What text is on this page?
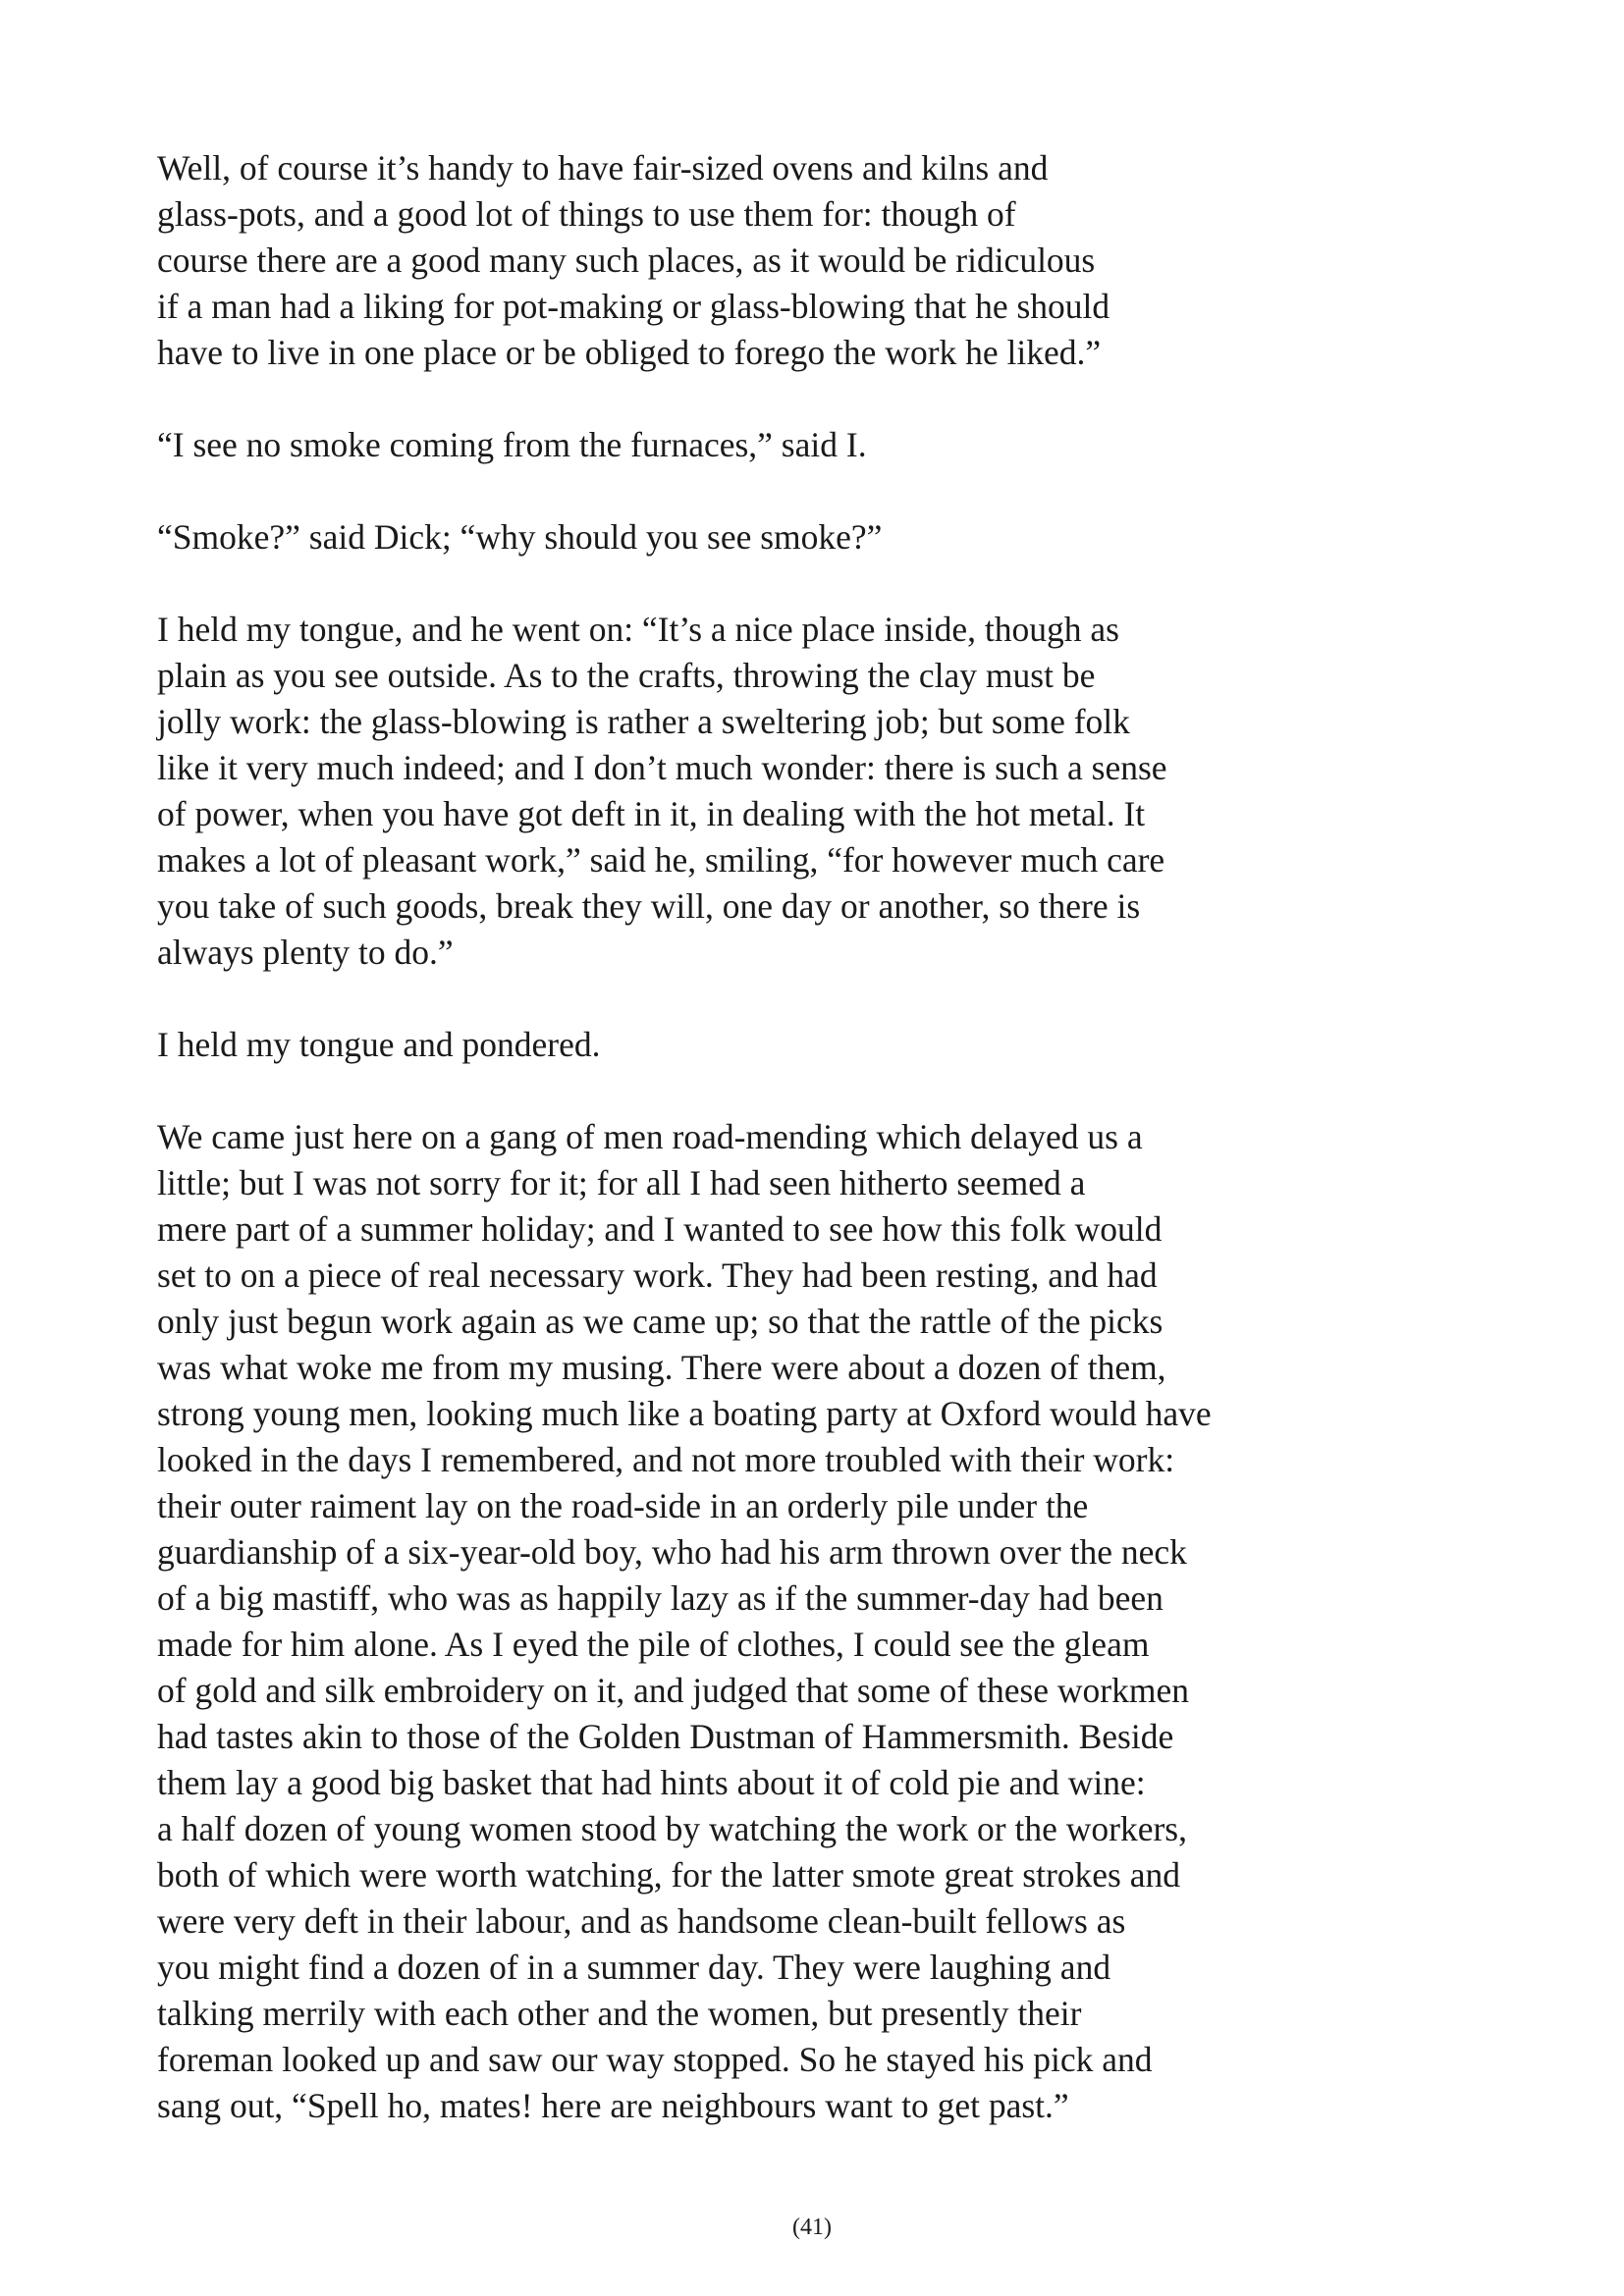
Well, of course it’s handy to have fair-sized ovens and kilns and
glass-pots, and a good lot of things to use them for: though of
course there are a good many such places, as it would be ridiculous
if a man had a liking for pot-making or glass-blowing that he should
have to live in one place or be obliged to forego the work he liked.”

“I see no smoke coming from the furnaces,” said I.

“Smoke?” said Dick; “why should you see smoke?”

I held my tongue, and he went on: “It’s a nice place inside, though as
plain as you see outside. As to the crafts, throwing the clay must be
jolly work: the glass-blowing is rather a sweltering job; but some folk
like it very much indeed; and I don’t much wonder: there is such a sense
of power, when you have got deft in it, in dealing with the hot metal. It
makes a lot of pleasant work,” said he, smiling, “for however much care
you take of such goods, break they will, one day or another, so there is
always plenty to do.”

I held my tongue and pondered.

We came just here on a gang of men road-mending which delayed us a
little; but I was not sorry for it; for all I had seen hitherto seemed a
mere part of a summer holiday; and I wanted to see how this folk would
set to on a piece of real necessary work. They had been resting, and had
only just begun work again as we came up; so that the rattle of the picks
was what woke me from my musing. There were about a dozen of them,
strong young men, looking much like a boating party at Oxford would have
looked in the days I remembered, and not more troubled with their work:
their outer raiment lay on the road-side in an orderly pile under the
guardianship of a six-year-old boy, who had his arm thrown over the neck
of a big mastiff, who was as happily lazy as if the summer-day had been
made for him alone. As I eyed the pile of clothes, I could see the gleam
of gold and silk embroidery on it, and judged that some of these workmen
had tastes akin to those of the Golden Dustman of Hammersmith. Beside
them lay a good big basket that had hints about it of cold pie and wine:
a half dozen of young women stood by watching the work or the workers,
both of which were worth watching, for the latter smote great strokes and
were very deft in their labour, and as handsome clean-built fellows as
you might find a dozen of in a summer day. They were laughing and
talking merrily with each other and the women, but presently their
foreman looked up and saw our way stopped. So he stayed his pick and
sang out, “Spell ho, mates! here are neighbours want to get past.”

(41)
